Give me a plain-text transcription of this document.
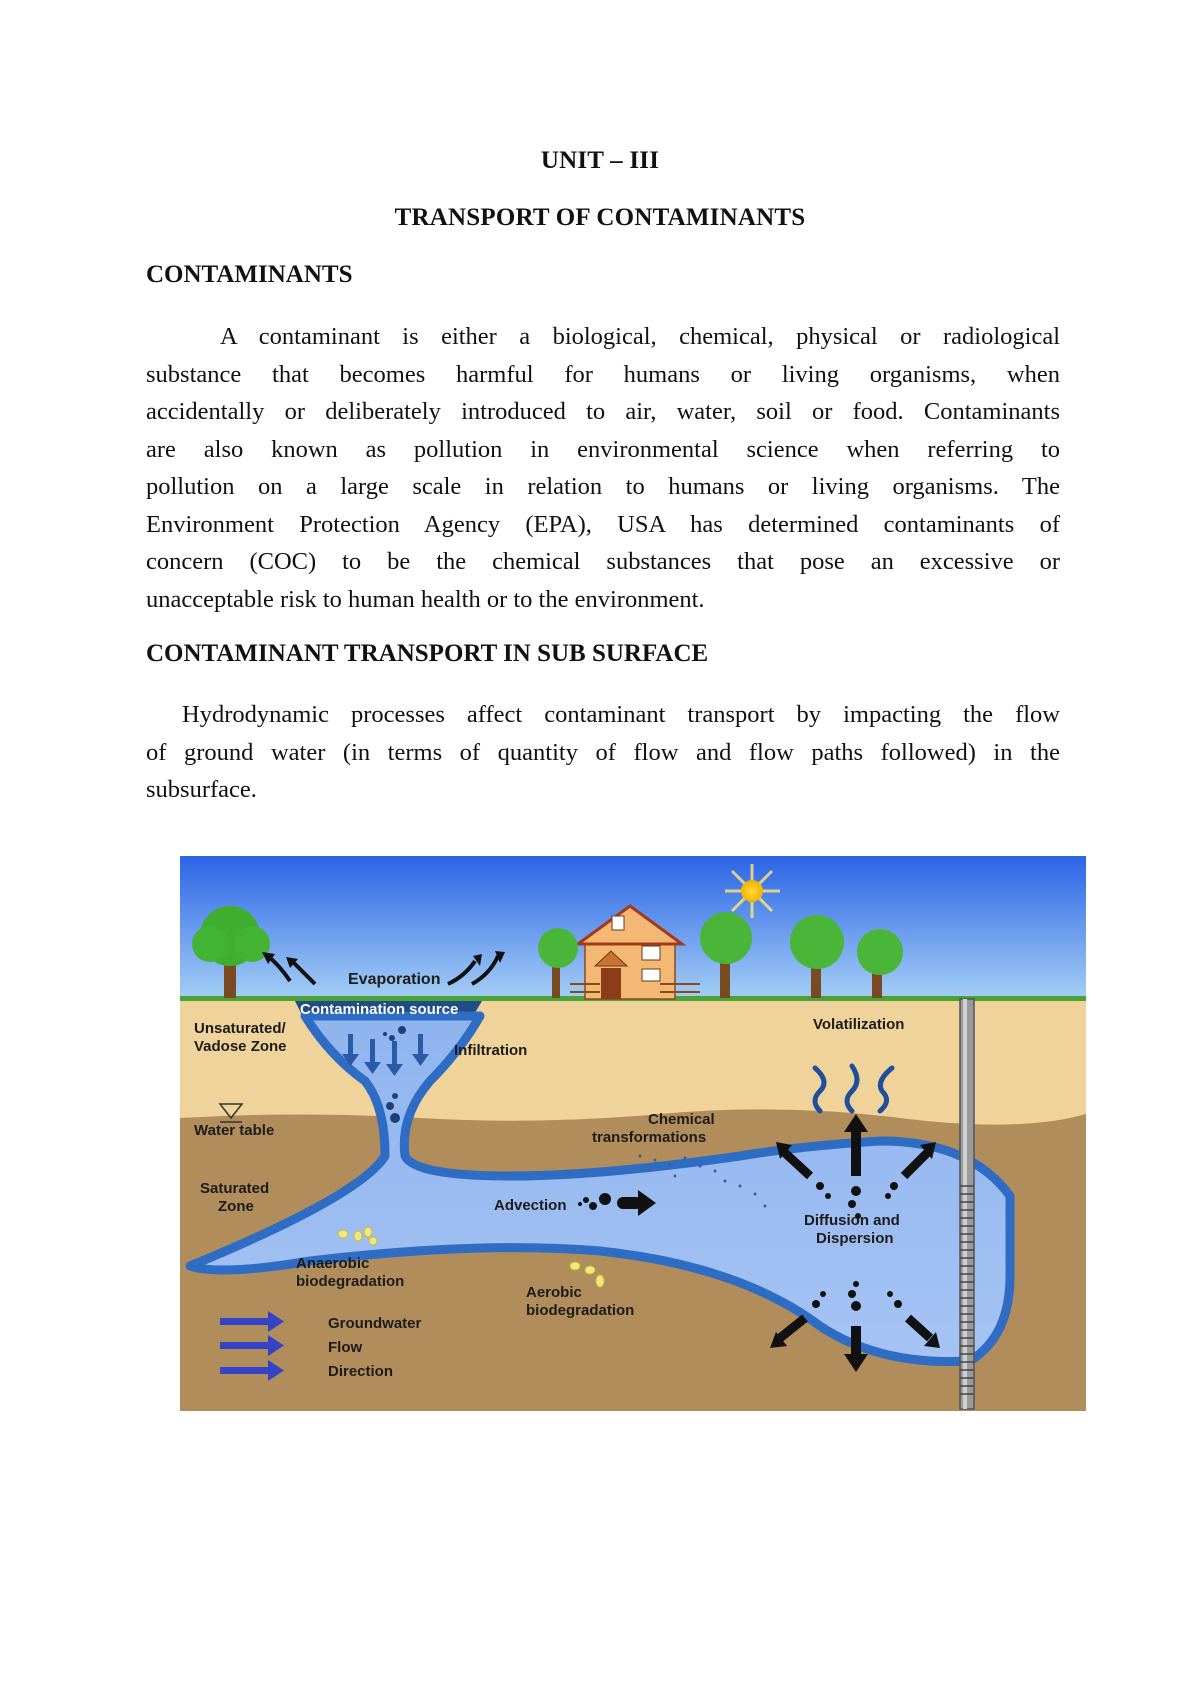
UNIT – III
TRANSPORT OF CONTAMINANTS
CONTAMINANTS
A contaminant is either a biological, chemical, physical or radiological
substance that becomes harmful for humans or living organisms, when
accidentally or deliberately introduced to air, water, soil or food. Contaminants
are also known as pollution in environmental science when referring to
pollution on a large scale in relation to humans or living organisms. The
Environment Protection Agency (EPA), USA has determined contaminants of
concern (COC) to be the chemical substances that pose an excessive or
unacceptable risk to human health or to the environment.
CONTAMINANT TRANSPORT IN SUB SURFACE
Hydrodynamic processes affect contaminant transport by impacting the flow
of ground water (in terms of quantity of flow and flow paths followed) in the
subsurface.
Evaporation
Contamination source
Unsaturated/
Vadose Zone	Infiltration
Water table
Saturated
Zone
Chemical
transformations
Advection
Volatilization
Diffusion and
Dispersion
Anaerobic
biodegradation
Aerobic
biodegradation
Groundwater
Flow
Direction
